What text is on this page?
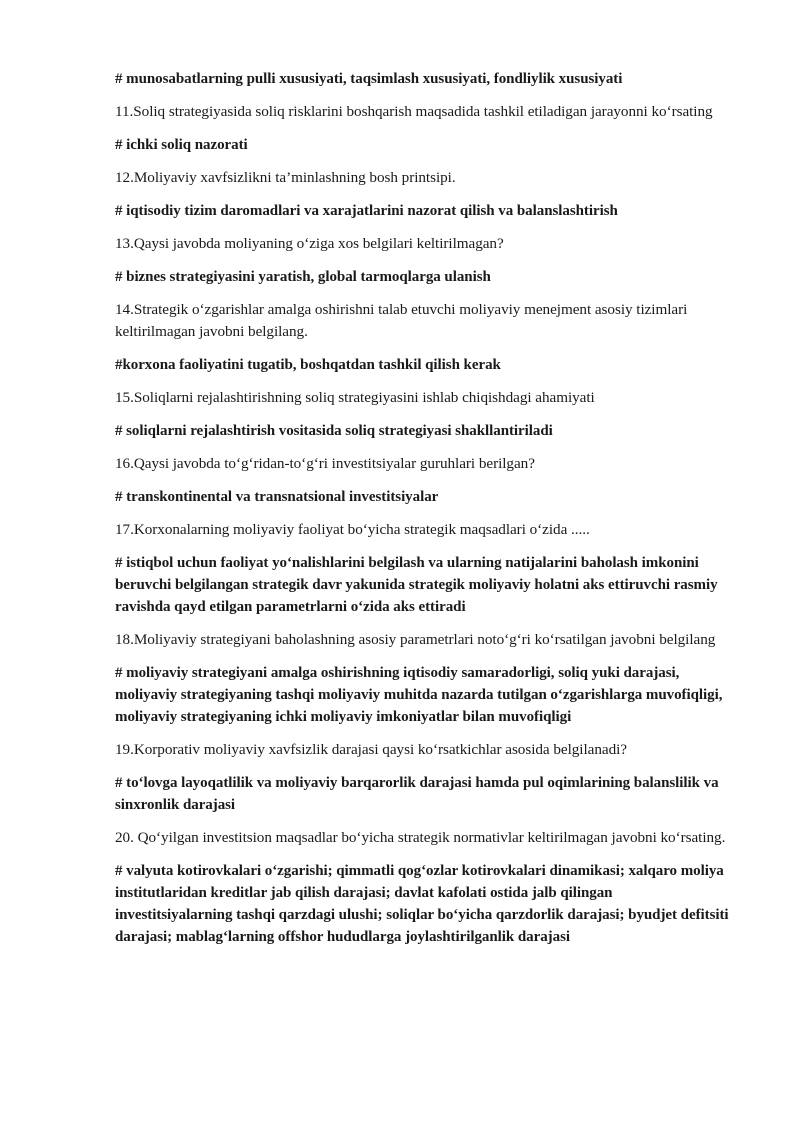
# munosabatlarning pulli xususiyati, taqsimlash xususiyati, fondliylik xususiyati

11.Soliq strategiyasida soliq risklarini boshqarish maqsadida tashkil etiladigan jarayonni ko‘rsating

# ichki soliq nazorati

12.Moliyaviy xavfsizlikni ta’minlashning bosh printsipi.

# iqtisodiy tizim daromadlari va xarajatlarini nazorat qilish va balanslashtirish

13.Qaysi javobda moliyaning o‘ziga xos belgilari keltirilmagan?

# biznes strategiyasini yaratish, global tarmoqlarga ulanish

14.Strategik o‘zgarishlar amalga oshirishni talab etuvchi moliyaviy menejment asosiy tizimlari keltirilmagan javobni belgilang.

#korxona faoliyatini tugatib, boshqatdan tashkil qilish kerak

15.Soliqlarni rejalashtirishning soliq strategiyasini ishlab chiqishdagi ahamiyati

# soliqlarni rejalashtirish vositasida soliq strategiyasi shakllantiriladi

16.Qaysi javobda to‘g‘ridan-to‘g‘ri investitsiyalar guruhlari berilgan?

# transkontinental va transnatsional investitsiyalar

17.Korxonalarning moliyaviy faoliyat bo‘yicha strategik maqsadlari o‘zida .....

# istiqbol uchun faoliyat yo‘nalishlarini belgilash va ularning natijalarini baholash imkonini beruvchi belgilangan strategik davr yakunida strategik moliyaviy holatni aks ettiruvchi rasmiy ravishda qayd etilgan parametrlarni o‘zida aks ettiradi

18.Moliyaviy strategiyani baholashning asosiy parametrlari noto‘g‘ri ko‘rsatilgan javobni belgilang

# moliyaviy strategiyani amalga oshirishning iqtisodiy samaradorligi, soliq yuki darajasi, moliyaviy strategiyaning tashqi moliyaviy muhitda nazarda tutilgan o‘zgarishlarga muvofiqligi, moliyaviy strategiyaning ichki moliyaviy imkoniyatlar bilan muvofiqligi

19.Korporativ moliyaviy xavfsizlik darajasi qaysi ko‘rsatkichlar asosida belgilanadi?

# to‘lovga layoqatlilik va moliyaviy barqarorlik darajasi hamda pul oqimlarining balanslilik va sinxronlik darajasi

20. Qo‘yilgan investitsion maqsadlar bo‘yicha strategik normativlar keltirilmagan javobni ko‘rsating.

# valyuta kotirovkalari o‘zgarishi; qimmatli qog‘ozlar kotirovkalari dinamikasi; xalqaro moliya institutlaridan kreditlar jab qilish darajasi; davlat kafolati ostida jalb qilingan investitsiyalarning tashqi qarzdagi ulushi; soliqlar bo‘yicha qarzdorlik darajasi; byudjet defitsiti darajasi; mablag‘larning offshor hududlarga joylashtirilganlik darajasi
